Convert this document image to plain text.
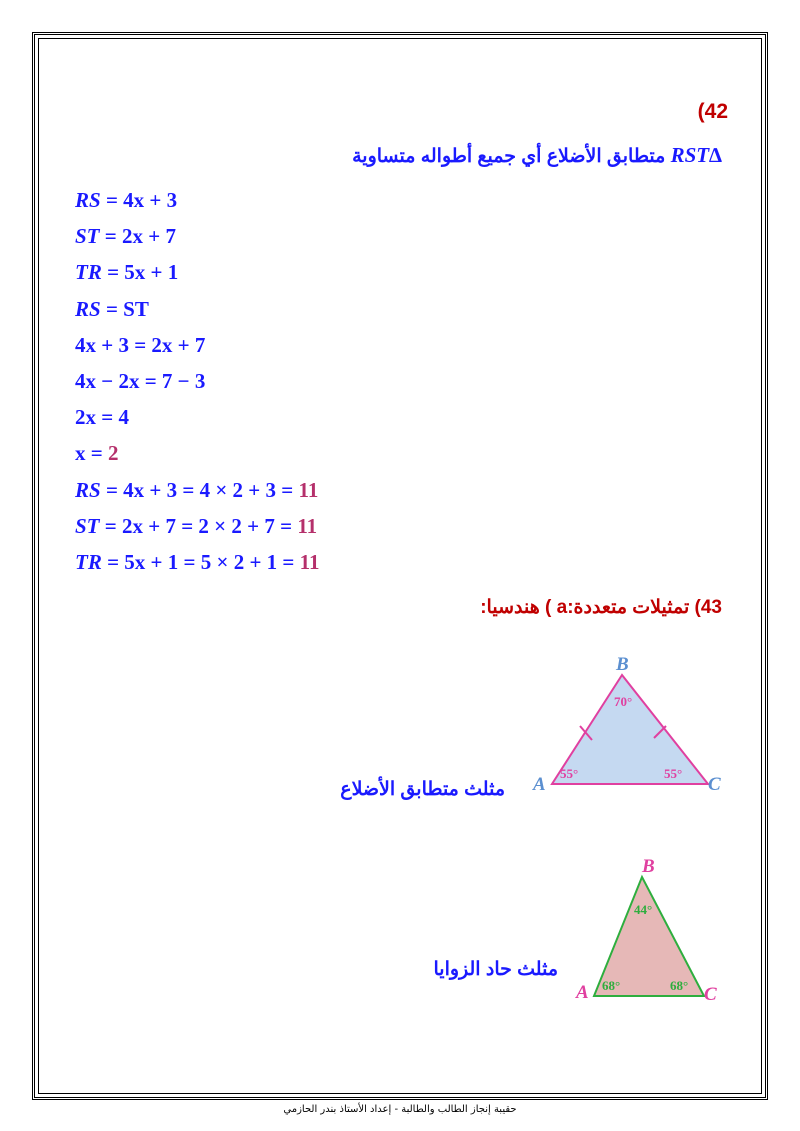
(42
∆RST متطابق الأضلاع أي جميع أطواله متساوية
RS = 4x + 3
ST = 2x + 7
TR = 5x + 1
RS = ST
4x + 3 = 2x + 7
4x − 2x = 7 − 3
2x = 4
x = 2
RS = 4x + 3 = 4 × 2 + 3 = 11
ST = 2x + 7 = 2 × 2 + 7 = 11
TR = 5x + 1 = 5 × 2 + 1 = 11
43) تمثيلات متعددة:a ) هندسيا:
B
A	C
70°
55°	55°
مثلث متطابق الأضلاع
B
A	C
44°
68°	68°
مثلث حاد الزوايا
حقيبة إنجاز الطالب والطالبة - إعداد الأستاذ بندر الحازمي
